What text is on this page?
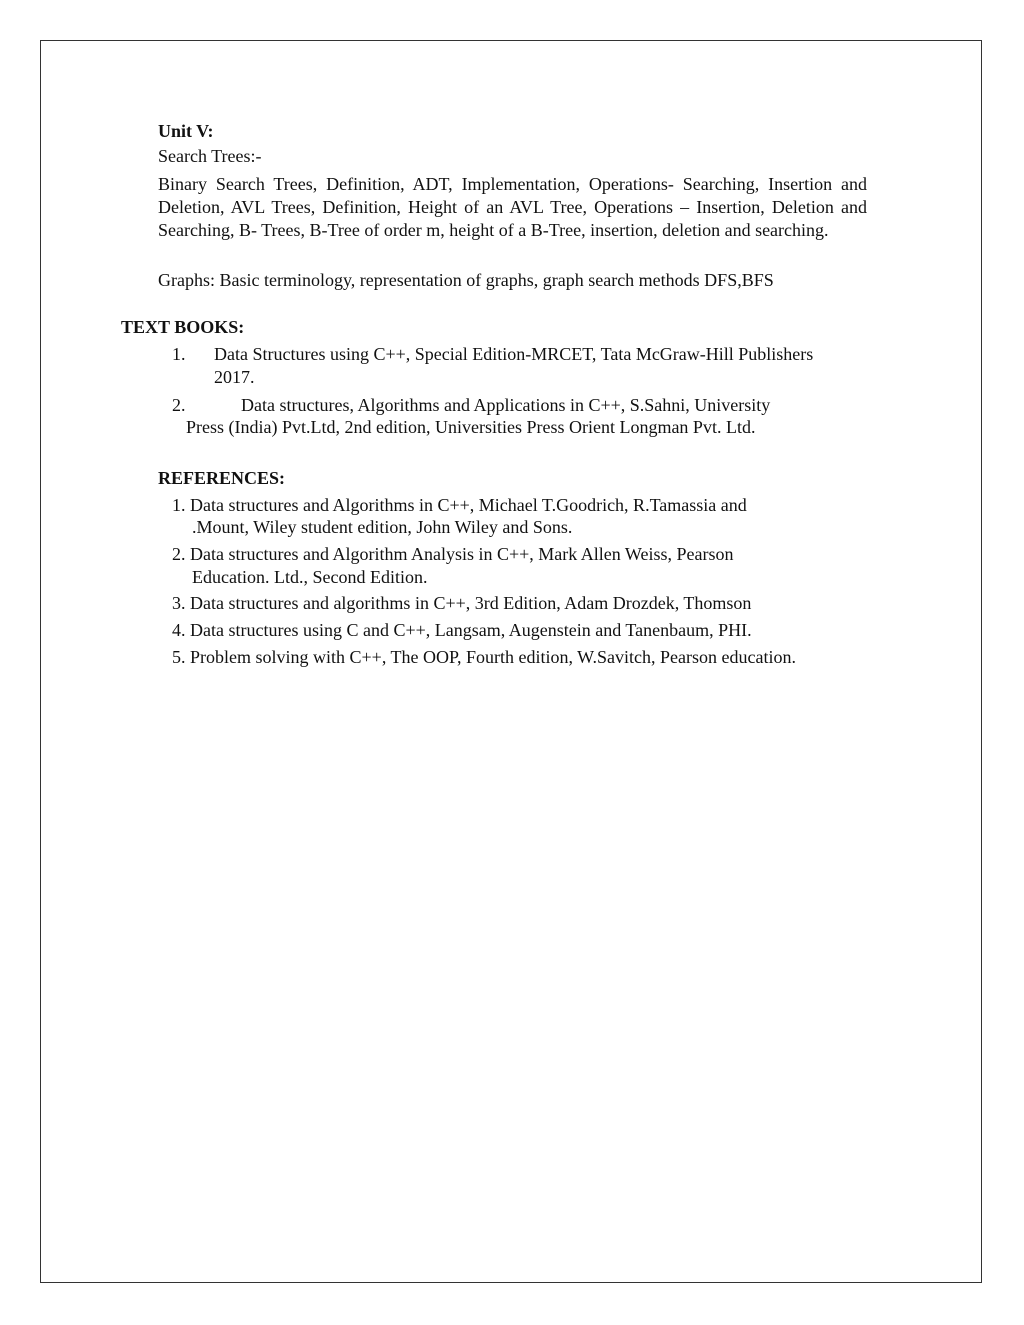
Unit V:
Search Trees:-
Binary Search Trees, Definition, ADT, Implementation, Operations- Searching, Insertion and Deletion, AVL Trees, Definition, Height of an AVL Tree, Operations – Insertion, Deletion and Searching, B- Trees, B-Tree of order m, height of a B-Tree, insertion, deletion and searching.
Graphs: Basic terminology, representation of graphs, graph search methods DFS,BFS
TEXT BOOKS:
1. Data Structures using C++, Special Edition-MRCET, Tata McGraw-Hill Publishers
2017.
2.	Data structures, Algorithms and Applications in C++, S.Sahni, University
Press (India) Pvt.Ltd, 2nd edition, Universities Press Orient Longman Pvt. Ltd.
REFERENCES:
1. Data structures and Algorithms in C++, Michael T.Goodrich, R.Tamassia and
.Mount, Wiley student edition, John Wiley and Sons.
2. Data structures and Algorithm Analysis in C++, Mark Allen Weiss, Pearson
Education. Ltd., Second Edition.
3. Data structures and algorithms in C++, 3rd Edition, Adam Drozdek, Thomson
4. Data structures using C and C++, Langsam, Augenstein and Tanenbaum, PHI.
5. Problem solving with C++, The OOP, Fourth edition, W.Savitch, Pearson education.
